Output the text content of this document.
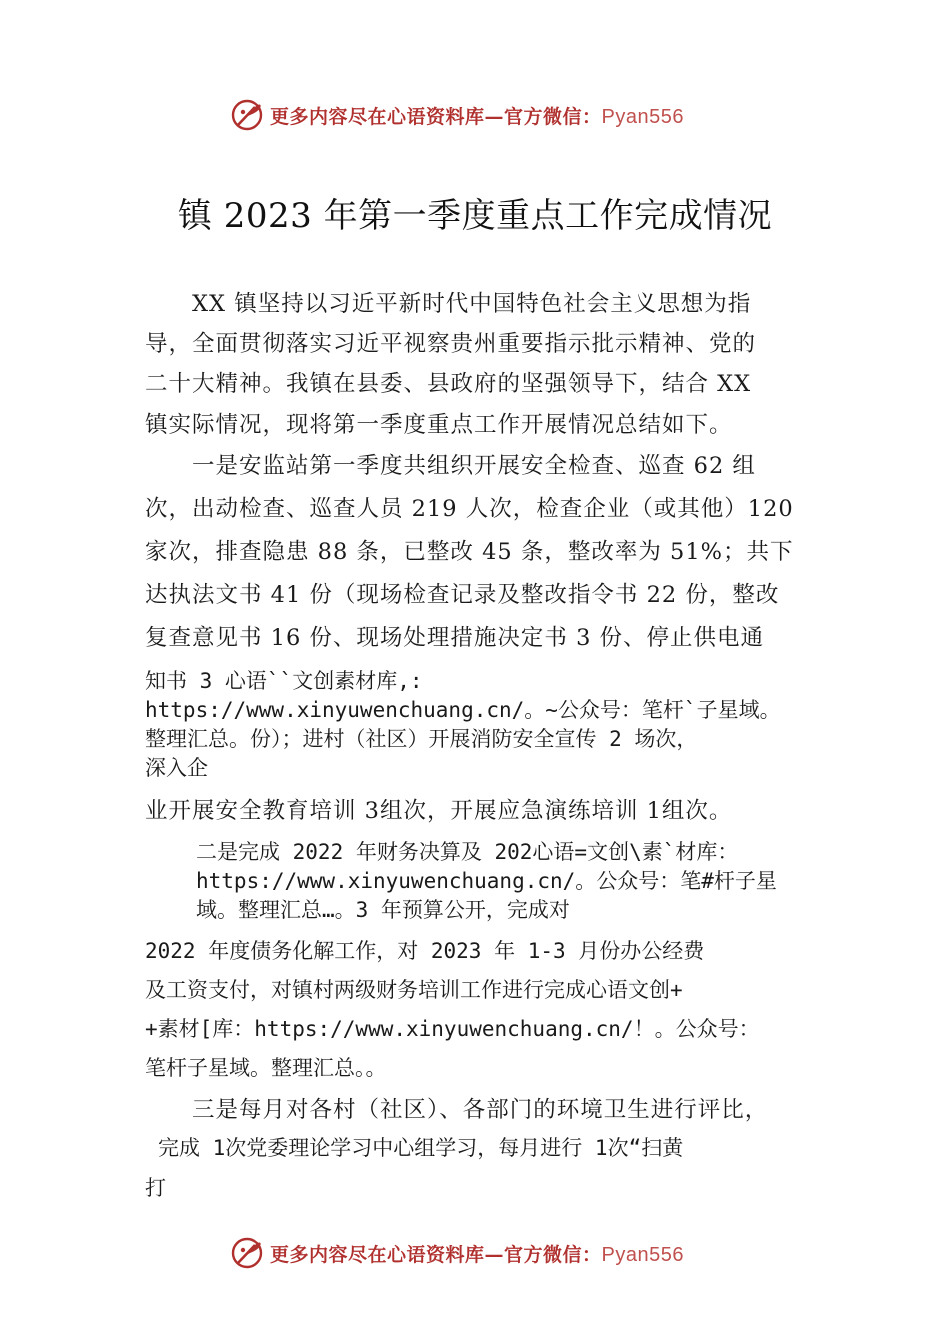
更多内容尽在心语资料库—官方微信：Pyan556
镇 2023 年第一季度重点工作完成情况
　　XX 镇坚持以习近平新时代中国特色社会主义思想为指
导，全面贯彻落实习近平视察贵州重要指示批示精神、党的
二十大精神。我镇在县委、县政府的坚强领导下，结合 XX
镇实际情况，现将第一季度重点工作开展情况总结如下。
　　一是安监站第一季度共组织开展安全检查、巡查 62 组
次，出动检查、巡查人员 219 人次，检查企业（或其他）120
家次，排查隐患 88 条，已整改 45 条，整改率为 51%；共下
达执法文书 41 份（现场检查记录及整改指令书 22 份，整改
复查意见书 16 份、现场处理措施决定书 3 份、停止供电通
知书 3 心语``文创素材库,:
https://www.xinyuwenchuang.cn/。~公众号：笔杆`子星域。
整理汇总。份）；进村（社区）开展消防安全宣传 2 场次，
深入企
业开展安全教育培训 3组次，开展应急演练培训 1组次。
二是完成 2022 年财务决算及 202心语=文创\素`材库：
https://www.xinyuwenchuang.cn/。公众号：笔#杆子星
域。整理汇总…。3 年预算公开，完成对
2022 年度债务化解工作，对 2023 年 1-3 月份办公经费
及工资支付，对镇村两级财务培训工作进行完成心语文创+
+素材[库：https://www.xinyuwenchuang.cn/！。公众号：
笔杆子星域。整理汇总。。
　　三是每月对各村（社区）、各部门的环境卫生进行评比，
完成 1次党委理论学习中心组学习，每月进行 1次“扫黄
打
更多内容尽在心语资料库—官方微信：Pyan556
